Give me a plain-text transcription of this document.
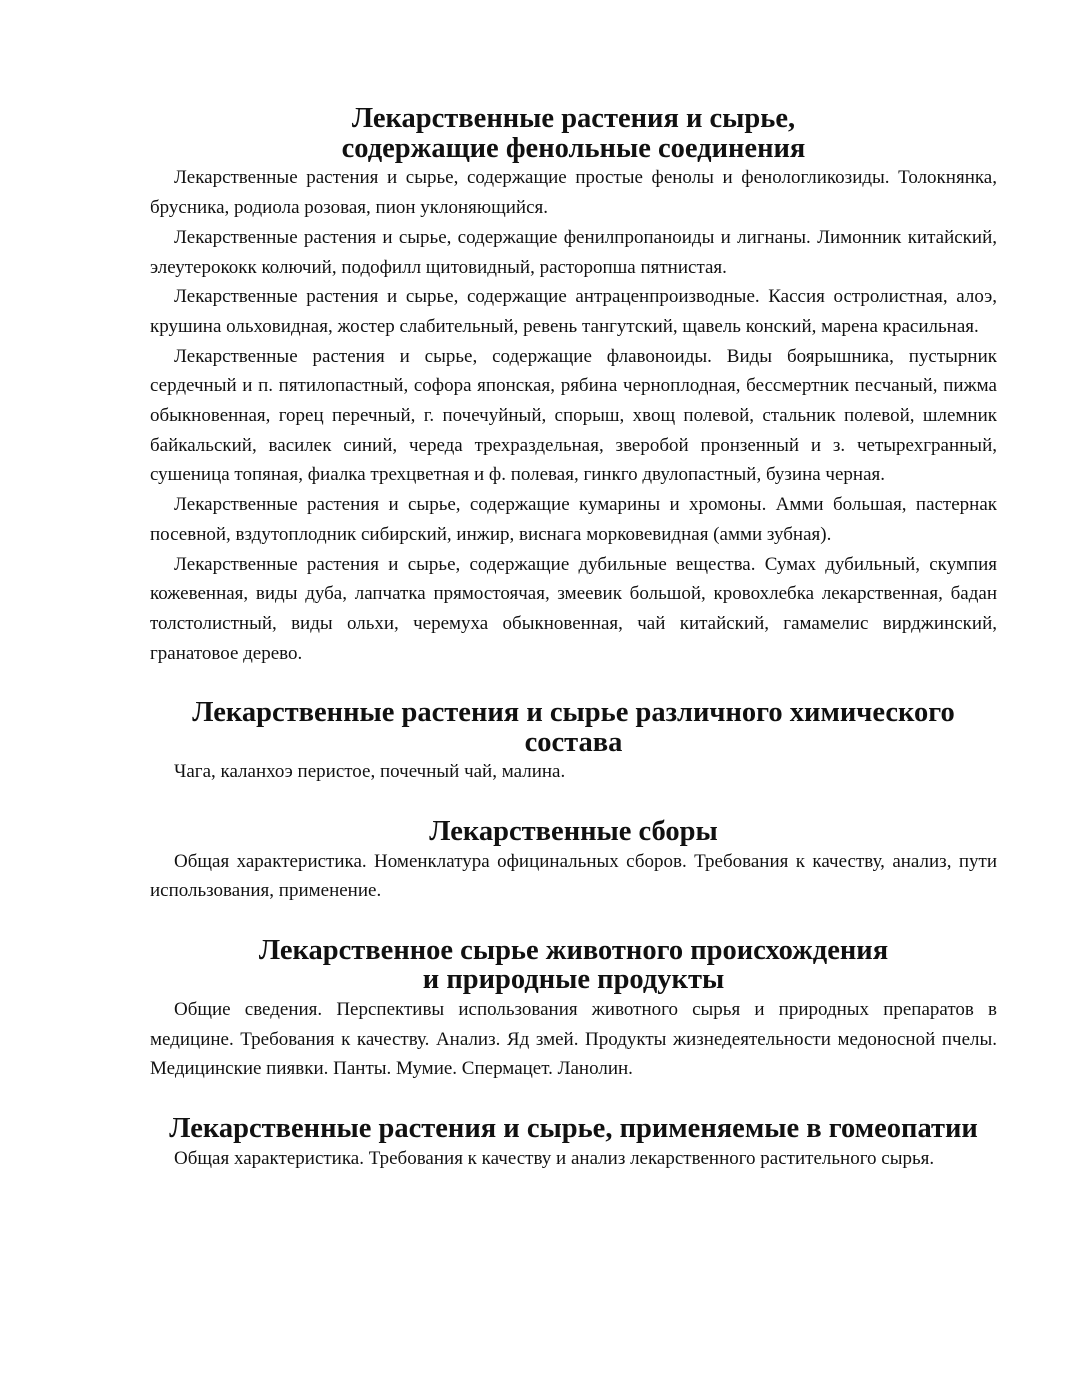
Лекарственные растения и сырье,
содержащие фенольные соединения

Лекарственные растения и сырье, содержащие простые фенолы и фенологликозиды. Толокнянка, брусника, родиола розовая, пион уклоняющийся.

Лекарственные растения и сырье, содержащие фенилпропаноиды и лигнаны. Лимонник китайский, элеутерококк колючий, подофилл щитовидный, расторопша пятнистая.

Лекарственные растения и сырье, содержащие антраценпроизводные. Кассия остролистная, алоэ, крушина ольховидная, жостер слабительный, ревень тангутский, щавель конский, марена красильная.

Лекарственные растения и сырье, содержащие флавоноиды. Виды боярышника, пустырник сердечный и п. пятилопастный, софора японская, рябина черноплодная, бессмертник песчаный, пижма обыкновенная, горец перечный, г. почечуйный, спорыш, хвощ полевой, стальник полевой, шлемник байкальский, василек синий, череда трехраздельная, зверобой пронзенный и з. четырехгранный, сушеница топяная, фиалка трехцветная и ф. полевая, гинкго двулопастный, бузина черная.

Лекарственные растения и сырье, содержащие кумарины и хромоны. Амми большая, пастернак посевной, вздутоплодник сибирский, инжир, виснага морковевидная (амми зубная).

Лекарственные растения и сырье, содержащие дубильные вещества. Сумах дубильный, скумпия кожевенная, виды дуба, лапчатка прямостоячая, змеевик большой, кровохлебка лекарственная, бадан толстолистный, виды ольхи, черемуха обыкновенная, чай китайский, гамамелис вирджинский, гранатовое дерево.

Лекарственные растения и сырье различного химического состава

Чага, каланхоэ перистое, почечный чай, малина.

Лекарственные сборы

Общая характеристика. Номенклатура официнальных сборов. Требования к качеству, анализ, пути использования, применение.

Лекарственное сырье животного происхождения
и природные продукты

Общие сведения. Перспективы использования животного сырья и природных препаратов в медицине. Требования к качеству. Анализ. Яд змей. Продукты жизнедеятельности медоносной пчелы. Медицинские пиявки. Панты. Мумие. Спермацет. Ланолин.

Лекарственные растения и сырье, применяемые в гомеопатии

Общая характеристика. Требования к качеству и анализ лекарственного растительного сырья.
